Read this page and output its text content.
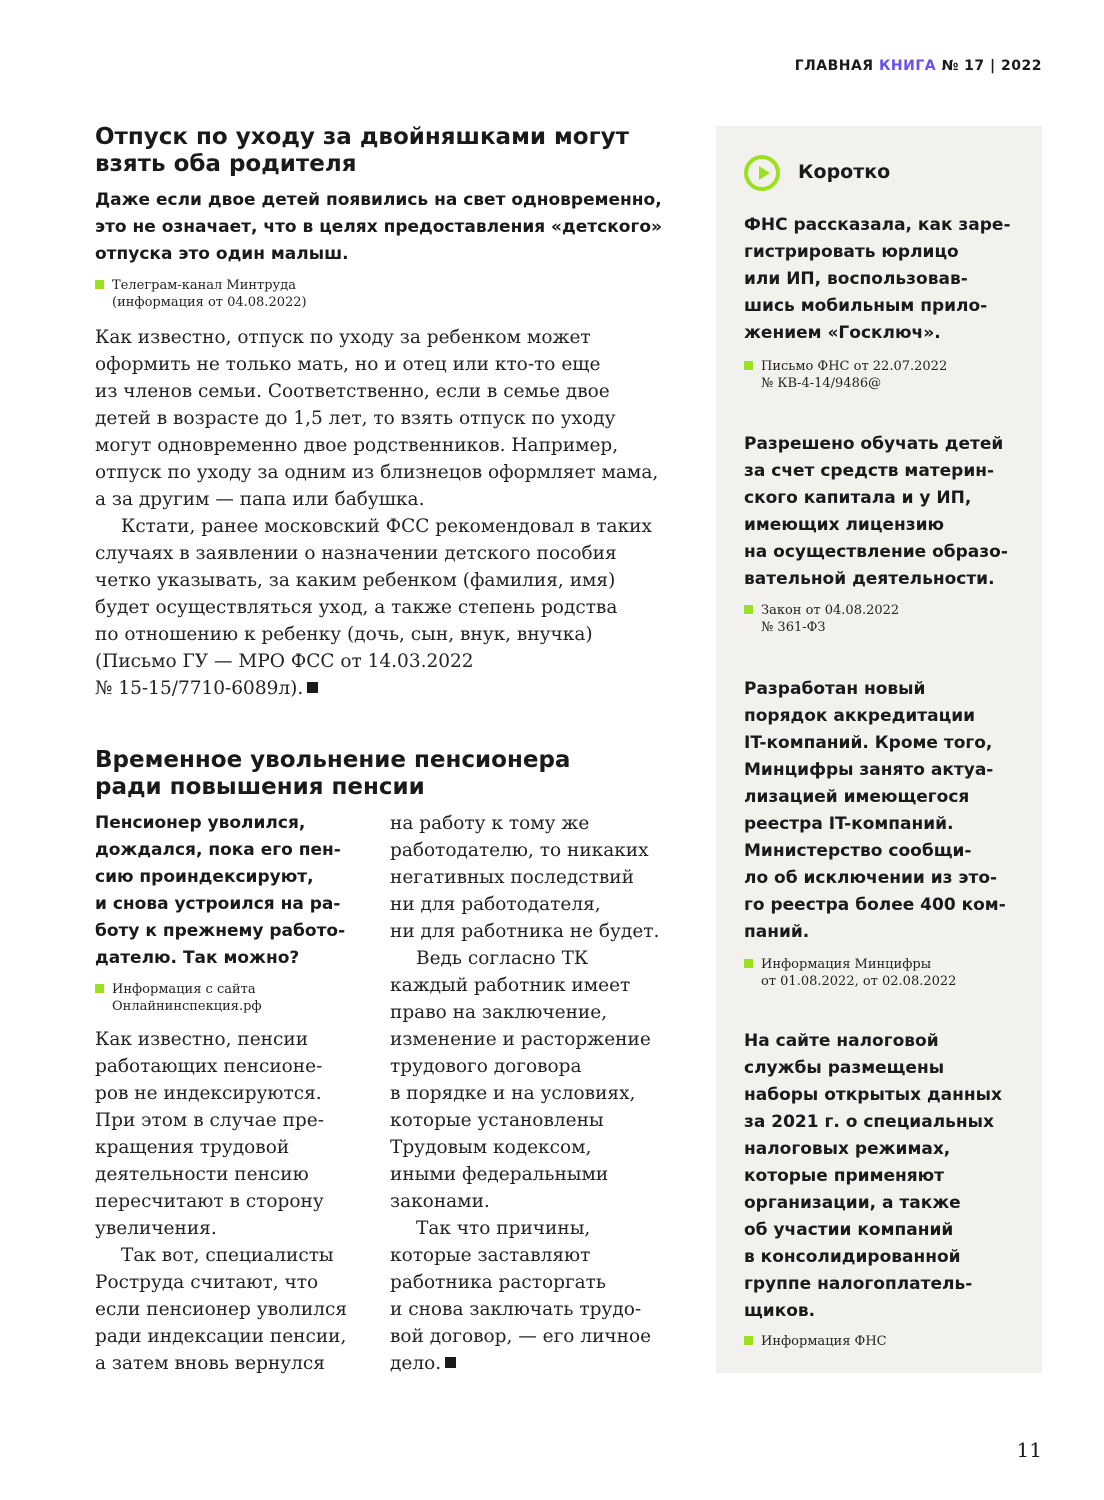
ГЛАВНАЯ КНИГА № 17 | 2022
Отпуск по уходу за двойняшками могут
взять оба родителя
Даже если двое детей появились на свет одновременно,
это не означает, что в целях предоставления «детского»
отпуска это один малыш.
Телеграм-канал Минтруда
(информация от 04.08.2022)

Как известно, отпуск по уходу за ребенком может
оформить не только мать, но и отец или кто-то еще
из членов семьи. Соответственно, если в семье двое
детей в возрасте до 1,5 лет, то взять отпуск по уходу
могут одновременно двое родственников. Например,
отпуск по уходу за одним из близнецов оформляет мама,
а за другим — папа или бабушка.

Кстати, ранее московский ФСС рекомендовал в таких
случаях в заявлении о назначении детского пособия
четко указывать, за каким ребенком (фамилия, имя)
будет осуществляться уход, а также степень родства
по отношению к ребенку (дочь, сын, внук, внучка)
(Письмо ГУ — МРО ФСС от 14.03.2022
№ 15-15/7710-6089л).

Временное увольнение пенсионера
ради повышения пенсии
Пенсионер уволился,
дождался, пока его пен-
сию проиндексируют,
и снова устроился на ра-
боту к прежнему работо-
дателю. Так можно?
Информация с сайта
Онлайнинспекция.рф

Как известно, пенсии
работающих пенсионе-
ров не индексируются.
При этом в случае пре-
кращения трудовой
деятельности пенсию
пересчитают в сторону
увеличения.

Так вот, специалисты
Роструда считают, что
если пенсионер уволился
ради индексации пенсии,
а затем вновь вернулся

на работу к тому же
работодателю, то никаких
негативных последствий
ни для работодателя,
ни для работника не будет.

Ведь согласно ТК
каждый работник имеет
право на заключение,
изменение и расторжение
трудового договора
в порядке и на условиях,
которые установлены
Трудовым кодексом,
иными федеральными
законами.

Так что причины,
которые заставляют
работника расторгать
и снова заключать трудо-
вой договор, — его личное
дело.

Коротко
ФНС рассказала, как заре-
гистрировать юрлицо
или ИП, воспользовав-
шись мобильным прило-
жением «Госключ».
Письмо ФНС от 22.07.2022
№ КВ-4-14/9486@
Разрешено обучать детей
за счет средств материн-
ского капитала и у ИП,
имеющих лицензию
на осуществление образо-
вательной деятельности.
Закон от 04.08.2022
№ 361-ФЗ
Разработан новый
порядок аккредитации
IT-компаний. Кроме того,
Минцифры занято актуа-
лизацией имеющегося
реестра IT-компаний.
Министерство сообщи-
ло об исключении из это-
го реестра более 400 ком-
паний.
Информация Минцифры
от 01.08.2022, от 02.08.2022
На сайте налоговой
службы размещены
наборы открытых данных
за 2021 г. о специальных
налоговых режимах,
которые применяют
организации, а также
об участии компаний
в консолидированной
группе налогоплатель-
щиков.
Информация ФНС
11
